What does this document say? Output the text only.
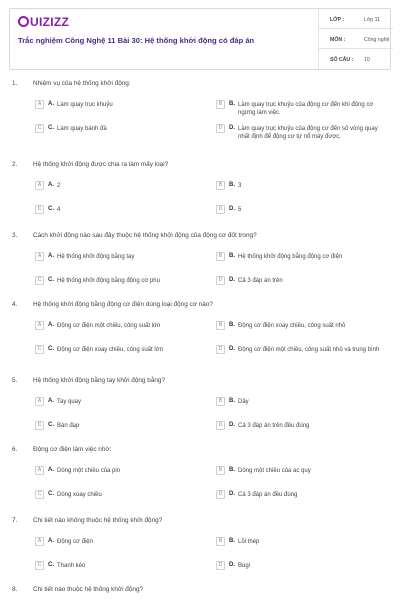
UIZIZZ
Trắc nghiệm Công Nghệ 11 Bài 30: Hệ thống khởi động có đáp án
LỚP :	Lớp 11
MÔN :	Công nghệ
SỐ CÂU : 10
1. Nhiệm vụ của hệ thống khởi động:
A	A. Làm quay trục khuỷu	B	B. Làm quay trục khuỷu của động cơ đến khi động cơ ngừng làm việc.
C	C. Làm quay bánh đà	D	D. Làm quay trục khuỷu của động cơ đến số vòng quay nhất định để động cơ tự nổ máy được.
2. Hệ thống khởi động được chia ra làm mấy loại?
A	A. 2	B	B. 3
C	C. 4	D	D. 5
3. Cách khởi động nào sau đây thuộc hệ thống khởi động của động cơ đốt trong?
A	A. Hệ thống khởi động bằng tay	B	B. Hệ thống khởi động bằng động cơ điện
C	C. Hệ thống khởi động bằng động cơ phụ	D	D. Cả 3 đáp án trên
4. Hệ thống khởi động bằng động cơ điện dùng loại động cơ nào?
A	A. Động cơ điện một chiều, công suất lớn	B	B. Động cơ điện xoay chiều, công suất nhỏ
C	C. Động cơ điện xoay chiều, công suất lớn	D	D. Động cơ điện một chiều, công suất nhỏ và trung bình
5. Hệ thống khởi động bằng tay khởi động bằng?
A	A. Tay quay	B	B. Dây
C	C. Bàn đạp	D	D. Cả 3 đáp án trên đều đúng
6. Động cơ điện làm việc nhờ:
A	A. Dòng một chiều của pin	B	B. Dòng một chiều của ac quy
C	C. Dòng xoay chiều	D	D. Cả 3 đáp án đều đúng
7. Chi tiết nào không thuộc hệ thống khởi động?
A	A. Động cơ điện	B	B. Lõi thép
C	C. Thanh kéo	D	D. Bugi
8. Chi tiết nào thuộc hệ thống khởi động?
